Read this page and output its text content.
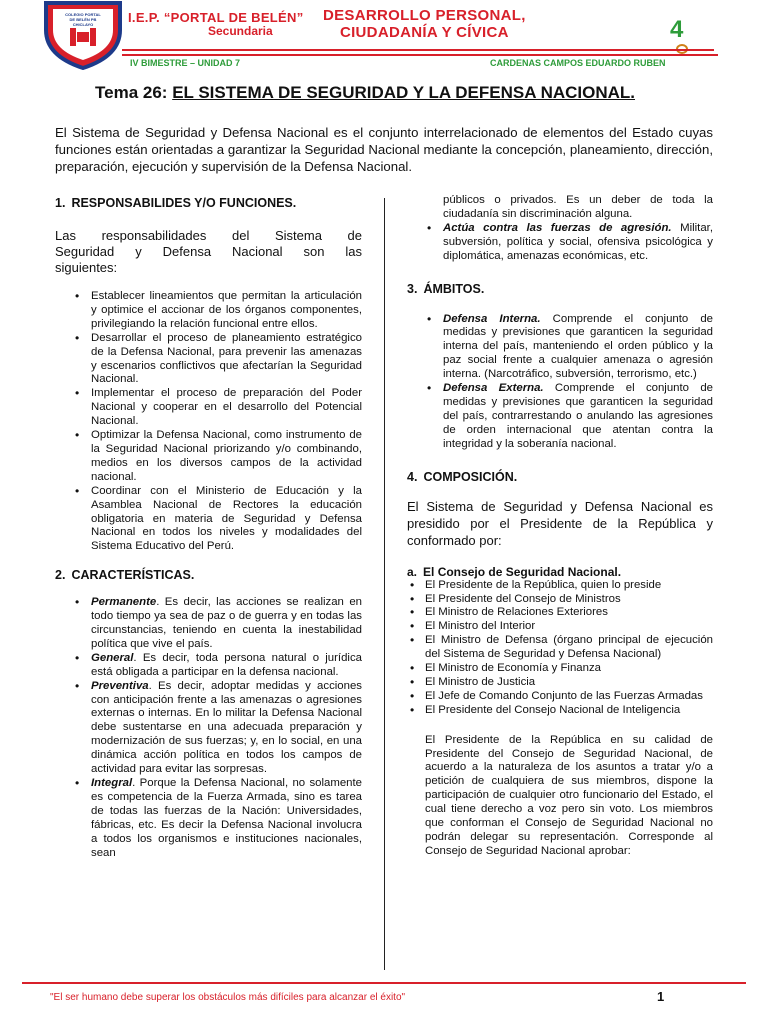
COLEGIO PORTAL DE BELÉN PB CHICLAYO	I.E.P. “PORTAL DE BELÉN”
Secundaria
DESARROLLO PERSONAL,
CIUDADANÍA Y CÍVICA	4
IV BIMESTRE – UNIDAD 7	CARDENAS CAMPOS EDUARDO RUBEN
Tema 26: EL SISTEMA DE SEGURIDAD Y LA DEFENSA NACIONAL.
El Sistema de Seguridad y Defensa Nacional es el conjunto interrelacionado de elementos del Estado cuyas funciones están orientadas a garantizar la Seguridad Nacional mediante la concepción, planeamiento, dirección, preparación, ejecución y supervisión de la Defensa Nacional.
1. RESPONSABILIDES Y/O FUNCIONES.

Las responsabilidades del Sistema de

Seguridad y Defensa Nacional son las

siguientes:

• Establecer lineamientos que permitan la articulación y optimice el accionar de los órganos componentes, privilegiando la relación funcional entre ellos.
• Desarrollar el proceso de planeamiento estratégico de la Defensa Nacional, para prevenir las amenazas y escenarios conflictivos que afectarían la Seguridad Nacional.
• Implementar el proceso de preparación del Poder Nacional y cooperar en el desarrollo del Potencial Nacional.
• Optimizar la Defensa Nacional, como instrumento de la Seguridad Nacional priorizando y/o combinando, medios en los diversos campos de la actividad nacional.
• Coordinar con el Ministerio de Educación y la Asamblea Nacional de Rectores la educación obligatoria en materia de Seguridad y Defensa Nacional en todos los niveles y modalidades del Sistema Educativo del Perú.
2. CARACTERÍSTICAS.
• Permanente. Es decir, las acciones se realizan en todo tiempo ya sea de paz o de guerra y en todas las circunstancias, teniendo en cuenta la inestabilidad política que vive el país.
• General. Es decir, toda persona natural o jurídica está obligada a participar en la defensa nacional.
• Preventiva. Es decir, adoptar medidas y acciones con anticipación frente a las amenazas o agresiones externas o internas. En lo militar la Defensa Nacional debe sustentarse en una adecuada preparación y modernización de sus fuerzas; y, en lo social, en una dinámica acción política en todos los campos de actividad para evitar las sorpresas.
• Integral. Porque la Defensa Nacional, no solamente es competencia de la Fuerza Armada, sino es tarea de todas las fuerzas de la Nación: Universidades, fábricas, etc. Es decir la Defensa Nacional involucra a todos los organismos e instituciones nacionales, sean
públicos o privados. Es un deber de toda la ciudadanía sin discriminación alguna.
• Actúa contra las fuerzas de agresión. Militar, subversión, política y social, ofensiva psicológica y diplomática, amenazas económicas, etc.
3. ÁMBITOS.
• Defensa Interna. Comprende el conjunto de medidas y previsiones que garanticen la seguridad interna del país, manteniendo el orden público y la paz social frente a cualquier amenaza o agresión interna. (Narcotráfico, subversión, terrorismo, etc.)
• Defensa Externa. Comprende el conjunto de medidas y previsiones que garanticen la seguridad del país, contrarrestando o anulando las agresiones de orden internacional que atentan contra la integridad y la soberanía nacional.
4. COMPOSICIÓN.

El Sistema de Seguridad y Defensa Nacional es presidido por el Presidente de la República y conformado por:

a. El Consejo de Seguridad Nacional.
• El Presidente de la República, quien lo preside
• El Presidente del Consejo de Ministros
• El Ministro de Relaciones Exteriores
• El Ministro del Interior
• El Ministro de Defensa (órgano principal de ejecución del Sistema de Seguridad y Defensa Nacional)
• El Ministro de Economía y Finanza
• El Ministro de Justicia
• El Jefe de Comando Conjunto de las Fuerzas Armadas
• El Presidente del Consejo Nacional de Inteligencia

El Presidente de la República en su calidad de Presidente del Consejo de Seguridad Nacional, de acuerdo a la naturaleza de los asuntos a tratar y/o a petición de cualquiera de sus miembros, dispone la participación de cualquier otro funcionario del Estado, el cual tiene derecho a voz pero sin voto. Los miembros que conforman el Consejo de Seguridad Nacional no podrán delegar su representación. Corresponde al Consejo de Seguridad Nacional aprobar:

"El ser humano debe superar los obstáculos más difíciles para alcanzar el éxito"	1
